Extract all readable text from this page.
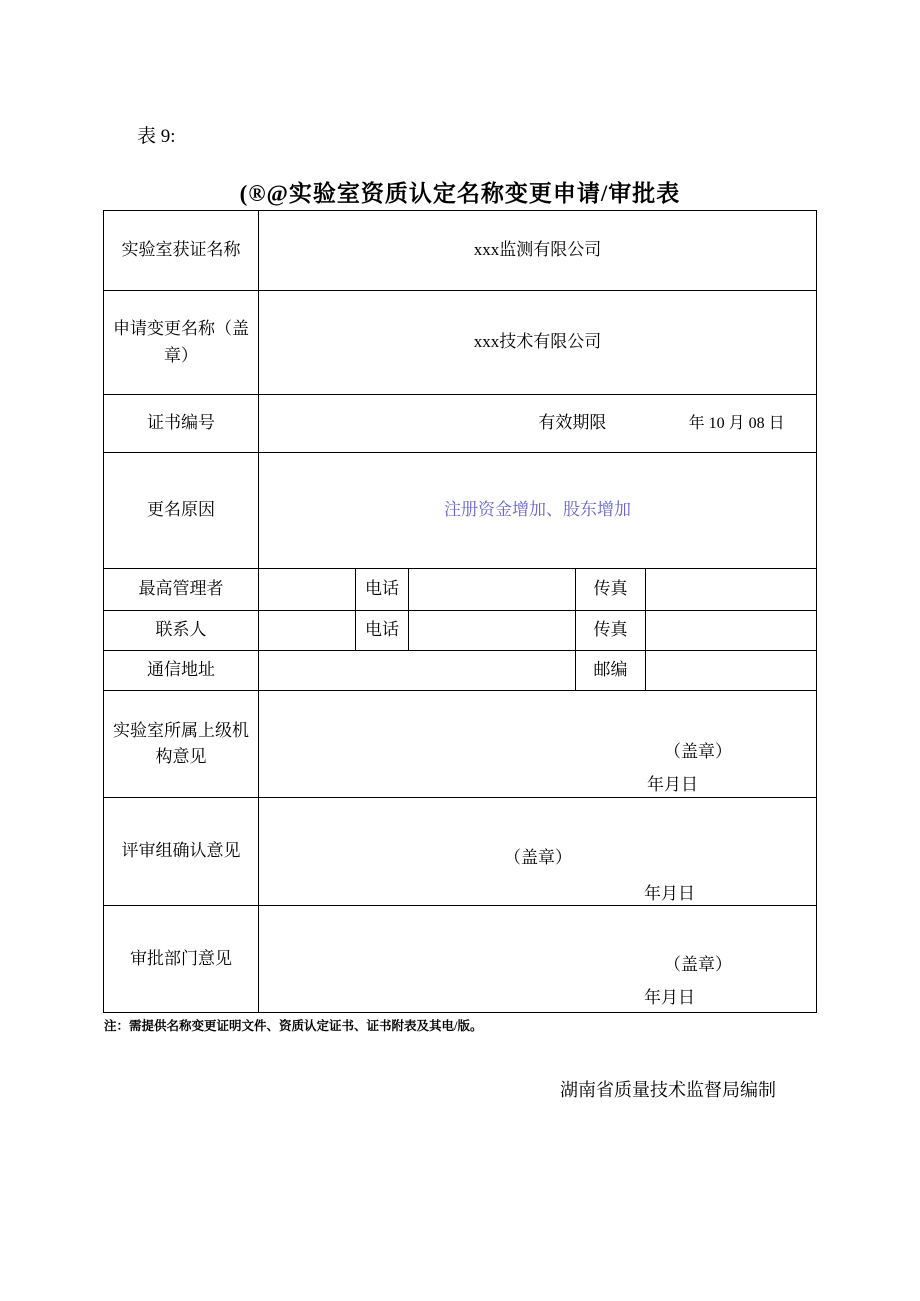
表 9:
(®@实验室资质认定名称变更申请/审批表
实验室获证名称	xxx监测有限公司				
申请变更名称（盖章）	xxx技术有限公司				
证书编号	有效期限 年 10 月 08 日				
更名原因	注册资金增加、股东增加				
最高管理者		电话		传真	
联系人		电话		传真	
通信地址				邮编	
实验室所属上级机构意见	（盖章）
年月日				

评审组确认意见	（盖章）
年月日				

审批部门意见	（盖章）
年月日				
注：需提供名称变更证明文件、资质认定证书、证书附表及其电/版。
湖南省质量技术监督局编制
